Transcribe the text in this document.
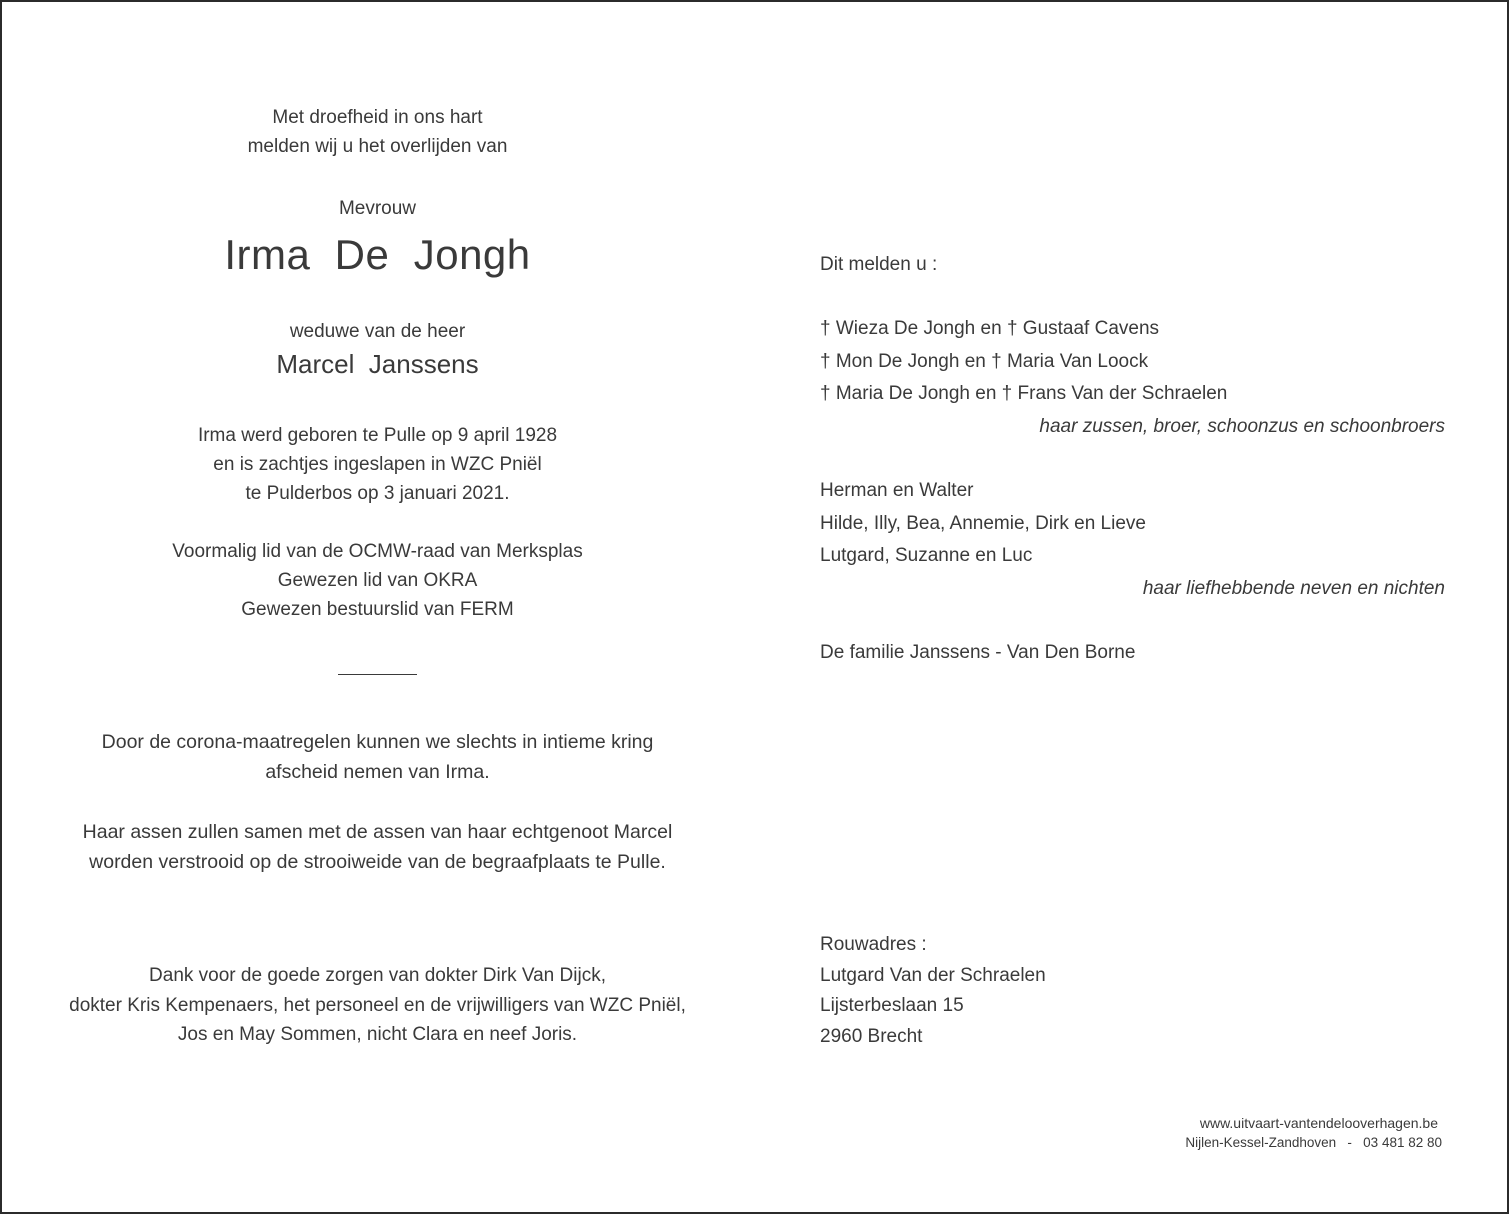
Met droefheid in ons hart
melden wij u het overlijden van
Mevrouw
Irma  De  Jongh
weduwe van de heer
Marcel  Janssens
Irma werd geboren te Pulle op 9 april 1928
en is zachtjes ingeslapen in WZC Pniël
te Pulderbos op 3 januari 2021.
Voormalig lid van de OCMW-raad van Merksplas
Gewezen lid van OKRA
Gewezen bestuurslid van FERM
Door de corona-maatregelen kunnen we slechts in intieme kring
afscheid nemen van Irma.
Haar assen zullen samen met de assen van haar echtgenoot Marcel
worden verstrooid op de strooiweide van de begraafplaats te Pulle.
Dank voor de goede zorgen van dokter Dirk Van Dijck,
dokter Kris Kempenaers, het personeel en de vrijwilligers van WZC Pniël,
Jos en May Sommen, nicht Clara en neef Joris.
Dit melden u :
† Wieza De Jongh en † Gustaaf Cavens
† Mon De Jongh en † Maria Van Loock
† Maria De Jongh en † Frans Van der Schraelen
haar zussen, broer, schoonzus en schoonbroers
Herman en Walter
Hilde, Illy, Bea, Annemie, Dirk en Lieve
Lutgard, Suzanne en Luc
haar liefhebbende neven en nichten
De familie Janssens - Van Den Borne
Rouwadres :
Lutgard Van der Schraelen
Lijsterbeslaan 15
2960 Brecht
www.uitvaart-vantendelooverhagen.be
Nijlen-Kessel-Zandhoven   -   03 481 82 80
